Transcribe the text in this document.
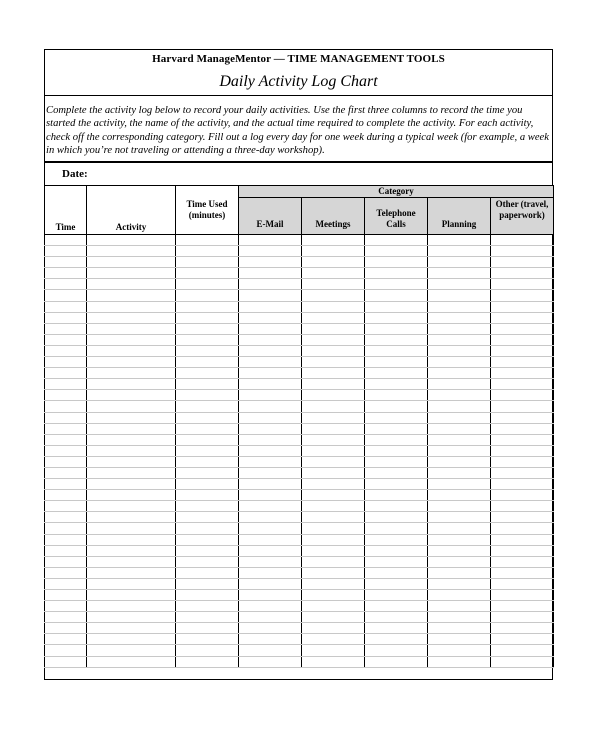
Harvard ManageMentor — TIME MANAGEMENT TOOLS
Daily Activity Log Chart
Complete the activity log below to record your daily activities. Use the first three columns to record the time you started the activity, the name of the activity, and the actual time required to complete the activity. For each activity, check off the corresponding category. Fill out a log every day for one week during a typical week (for example, a week in which you’re not traveling or attending a three-day workshop).
Date:
Time	Activity	Time Used (minutes)	Category				
			E-Mail	Meetings	Telephone Calls	Planning	Other (travel, paperwork)
